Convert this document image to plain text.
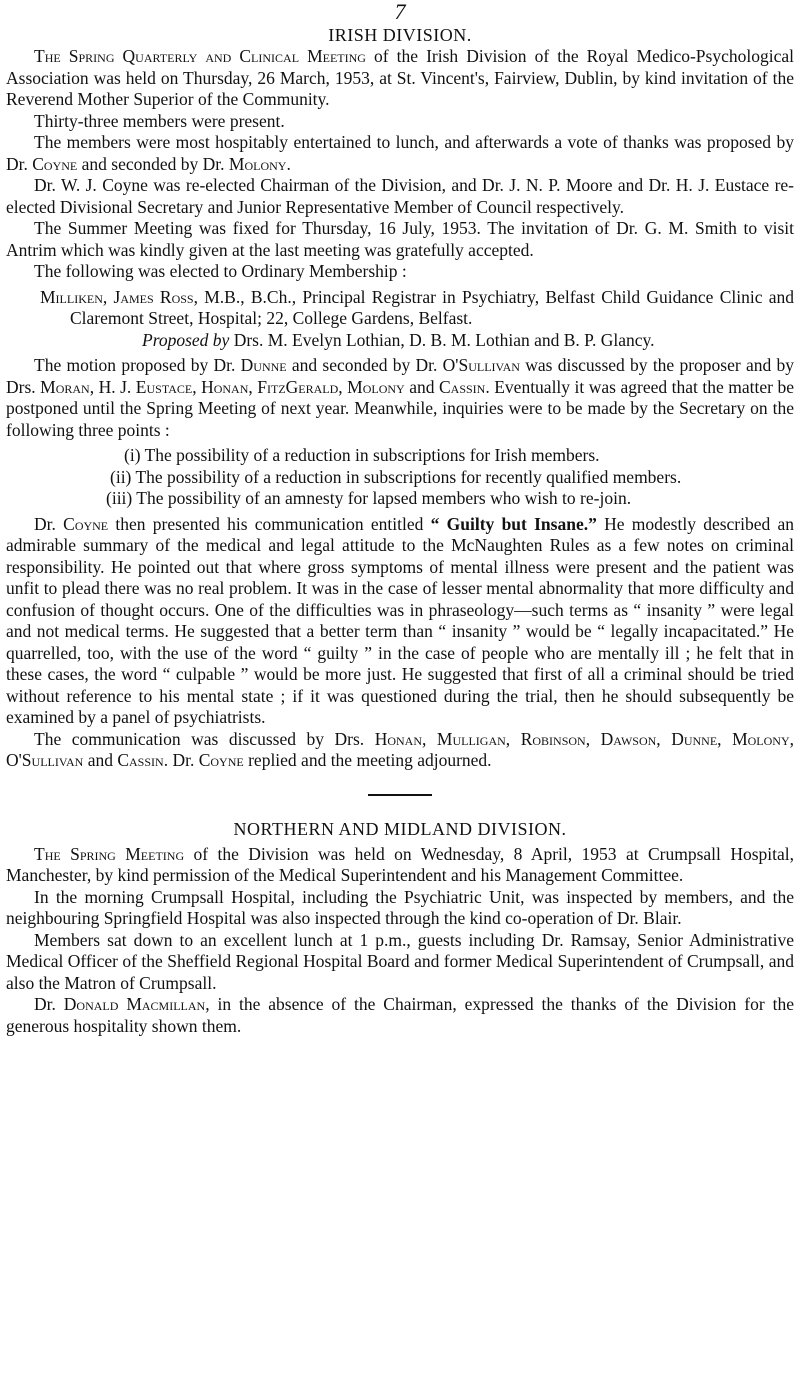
7
IRISH DIVISION.

The Spring Quarterly and Clinical Meeting of the Irish Division of the Royal Medico-Psychological Association was held on Thursday, 26 March, 1953, at St. Vincent's, Fairview, Dublin, by kind invitation of the Reverend Mother Superior of the Community.

Thirty-three members were present.

The members were most hospitably entertained to lunch, and afterwards a vote of thanks was proposed by Dr. Coyne and seconded by Dr. Molony.

Dr. W. J. Coyne was re-elected Chairman of the Division, and Dr. J. N. P. Moore and Dr. H. J. Eustace re-elected Divisional Secretary and Junior Representative Member of Council respectively.

The Summer Meeting was fixed for Thursday, 16 July, 1953. The invitation of Dr. G. M. Smith to visit Antrim which was kindly given at the last meeting was gratefully accepted.

The following was elected to Ordinary Membership :

Milliken, James Ross, M.B., B.Ch., Principal Registrar in Psychiatry, Belfast Child Guidance Clinic and Claremont Street, Hospital; 22, College Gardens, Belfast.

Proposed by Drs. M. Evelyn Lothian, D. B. M. Lothian and B. P. Glancy.

The motion proposed by Dr. Dunne and seconded by Dr. O'Sullivan was discussed by the proposer and by Drs. Moran, H. J. Eustace, Honan, FitzGerald, Molony and Cassin. Eventually it was agreed that the matter be postponed until the Spring Meeting of next year. Meanwhile, inquiries were to be made by the Secretary on the following three points :

(i) The possibility of a reduction in subscriptions for Irish members.

(ii) The possibility of a reduction in subscriptions for recently qualified members.

(iii) The possibility of an amnesty for lapsed members who wish to re-join.

Dr. Coyne then presented his communication entitled “ Guilty but Insane.” He modestly described an admirable summary of the medical and legal attitude to the McNaughten Rules as a few notes on criminal responsibility. He pointed out that where gross symptoms of mental illness were present and the patient was unfit to plead there was no real problem. It was in the case of lesser mental abnormality that more difficulty and confusion of thought occurs. One of the difficulties was in phraseology—such terms as “ insanity ” were legal and not medical terms. He suggested that a better term than “ insanity ” would be “ legally incapacitated.” He quarrelled, too, with the use of the word “ guilty ” in the case of people who are mentally ill ; he felt that in these cases, the word “ culpable ” would be more just. He suggested that first of all a criminal should be tried without reference to his mental state ; if it was questioned during the trial, then he should subsequently be examined by a panel of psychiatrists.

The communication was discussed by Drs. Honan, Mulligan, Robinson, Dawson, Dunne, Molony, O'Sullivan and Cassin. Dr. Coyne replied and the meeting adjourned.

NORTHERN AND MIDLAND DIVISION.

The Spring Meeting of the Division was held on Wednesday, 8 April, 1953 at Crumpsall Hospital, Manchester, by kind permission of the Medical Superintendent and his Management Committee.

In the morning Crumpsall Hospital, including the Psychiatric Unit, was inspected by members, and the neighbouring Springfield Hospital was also inspected through the kind co-operation of Dr. Blair.

Members sat down to an excellent lunch at 1 p.m., guests including Dr. Ramsay, Senior Administrative Medical Officer of the Sheffield Regional Hospital Board and former Medical Superintendent of Crumpsall, and also the Matron of Crumpsall.

Dr. Donald Macmillan, in the absence of the Chairman, expressed the thanks of the Division for the generous hospitality shown them.
